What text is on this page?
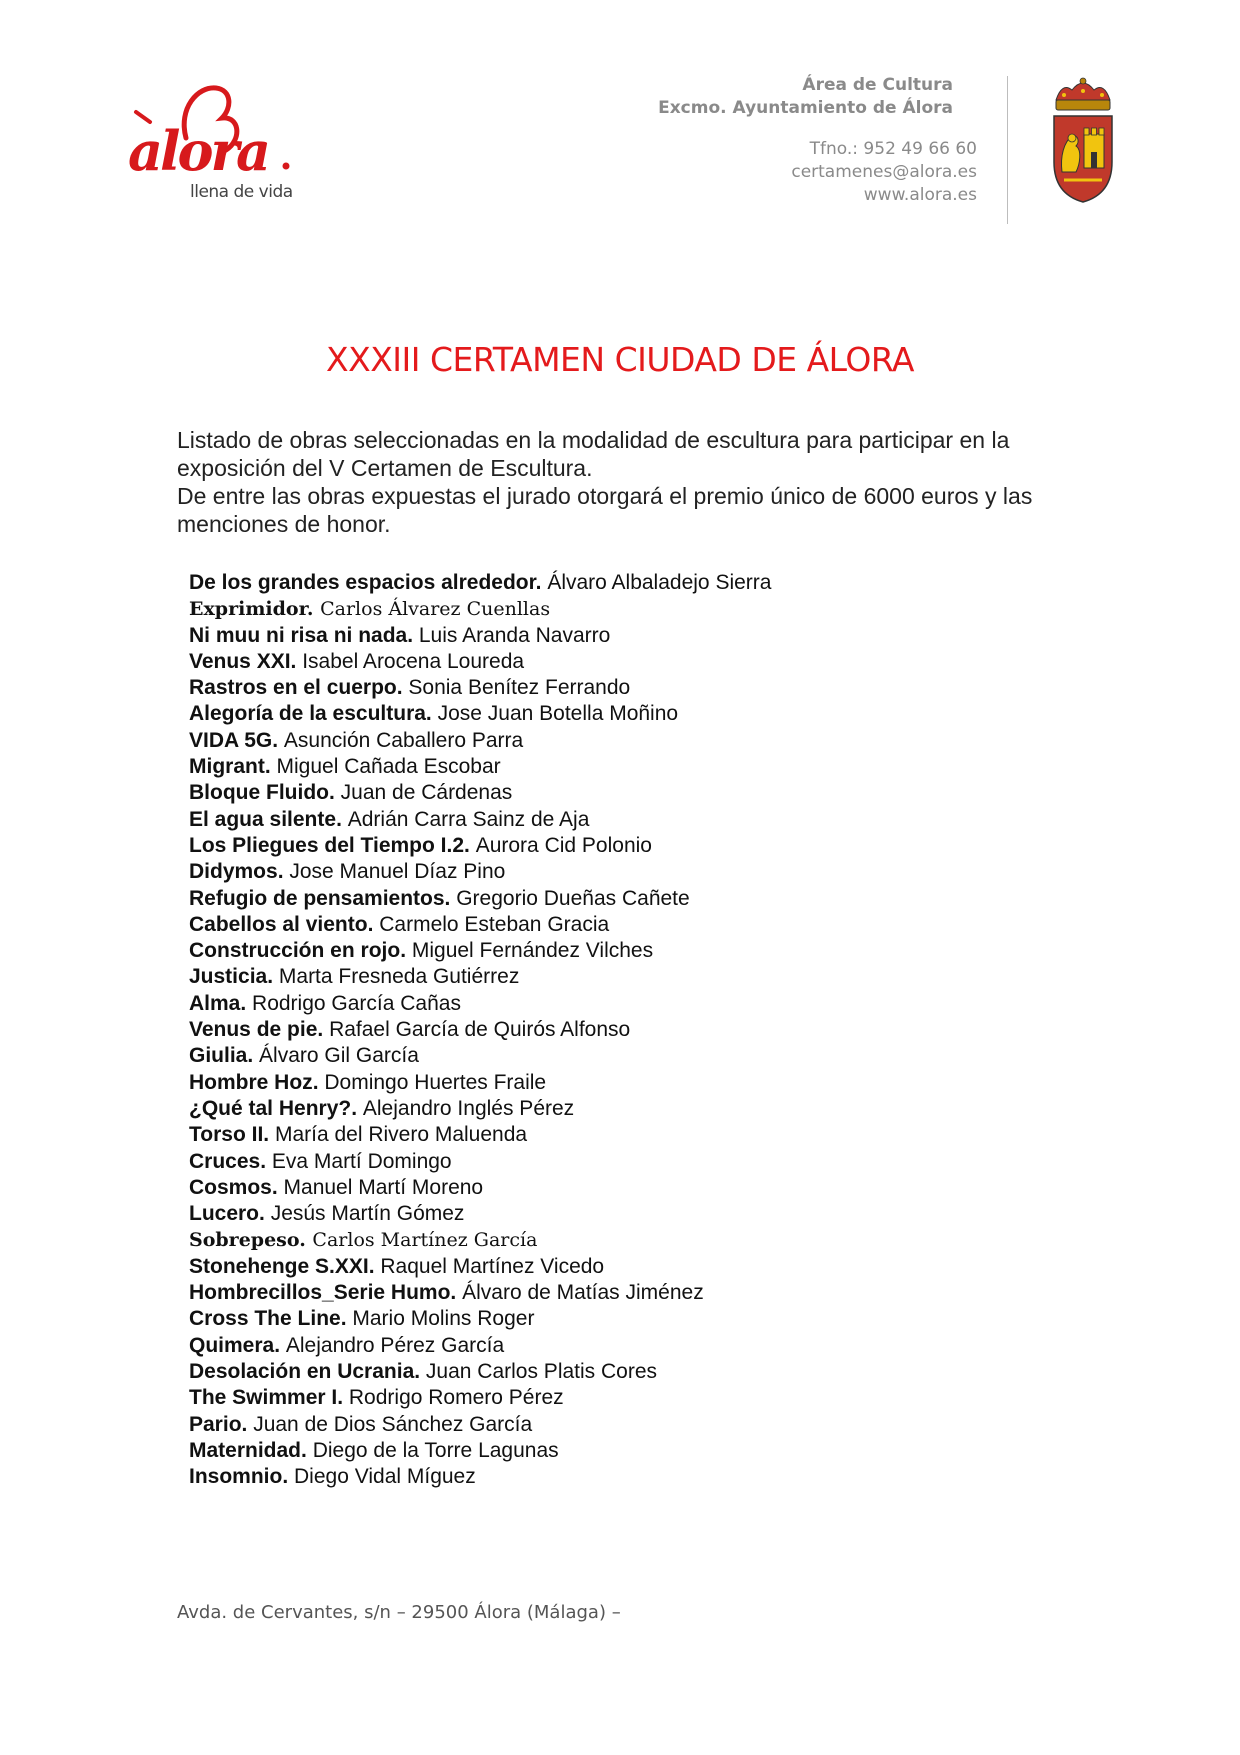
alora
llena de vida
Área de Cultura
Excmo. Ayuntamiento de Álora
Tfno.: 952 49 66 60
certamenes@alora.es
www.alora.es
XXXIII CERTAMEN CIUDAD DE ÁLORA

Listado de obras seleccionadas en la modalidad de escultura para participar en la exposición del V Certamen de Escultura.

De entre las obras expuestas el jurado otorgará el premio único de 6000 euros y las menciones de honor.

De los grandes espacios alrededor. Álvaro Albaladejo Sierra
Exprimidor. Carlos Álvarez Cuenllas
Ni muu ni risa ni nada. Luis Aranda Navarro
Venus XXI. Isabel Arocena Loureda
Rastros en el cuerpo. Sonia Benítez Ferrando
Alegoría de la escultura. Jose Juan Botella Moñino
VIDA 5G. Asunción Caballero Parra
Migrant. Miguel Cañada Escobar
Bloque Fluido. Juan de Cárdenas
El agua silente. Adrián Carra Sainz de Aja
Los Pliegues del Tiempo I.2. Aurora Cid Polonio
Didymos. Jose Manuel Díaz Pino
Refugio de pensamientos. Gregorio Dueñas Cañete
Cabellos al viento. Carmelo Esteban Gracia
Construcción en rojo. Miguel Fernández Vilches
Justicia. Marta Fresneda Gutiérrez
Alma. Rodrigo García Cañas
Venus de pie. Rafael García de Quirós Alfonso
Giulia. Álvaro Gil García
Hombre Hoz. Domingo Huertes Fraile
¿Qué tal Henry?. Alejandro Inglés Pérez
Torso II. María del Rivero Maluenda
Cruces. Eva Martí Domingo
Cosmos. Manuel Martí Moreno
Lucero. Jesús Martín Gómez
Sobrepeso. Carlos Martínez García
Stonehenge S.XXI. Raquel Martínez Vicedo
Hombrecillos_Serie Humo. Álvaro de Matías Jiménez
Cross The Line. Mario Molins Roger
Quimera. Alejandro Pérez García
Desolación en Ucrania. Juan Carlos Platis Cores
The Swimmer I. Rodrigo Romero Pérez
Pario. Juan de Dios Sánchez García
Maternidad. Diego de la Torre Lagunas
Insomnio. Diego Vidal Míguez
Avda. de Cervantes, s/n – 29500 Álora (Málaga) –
